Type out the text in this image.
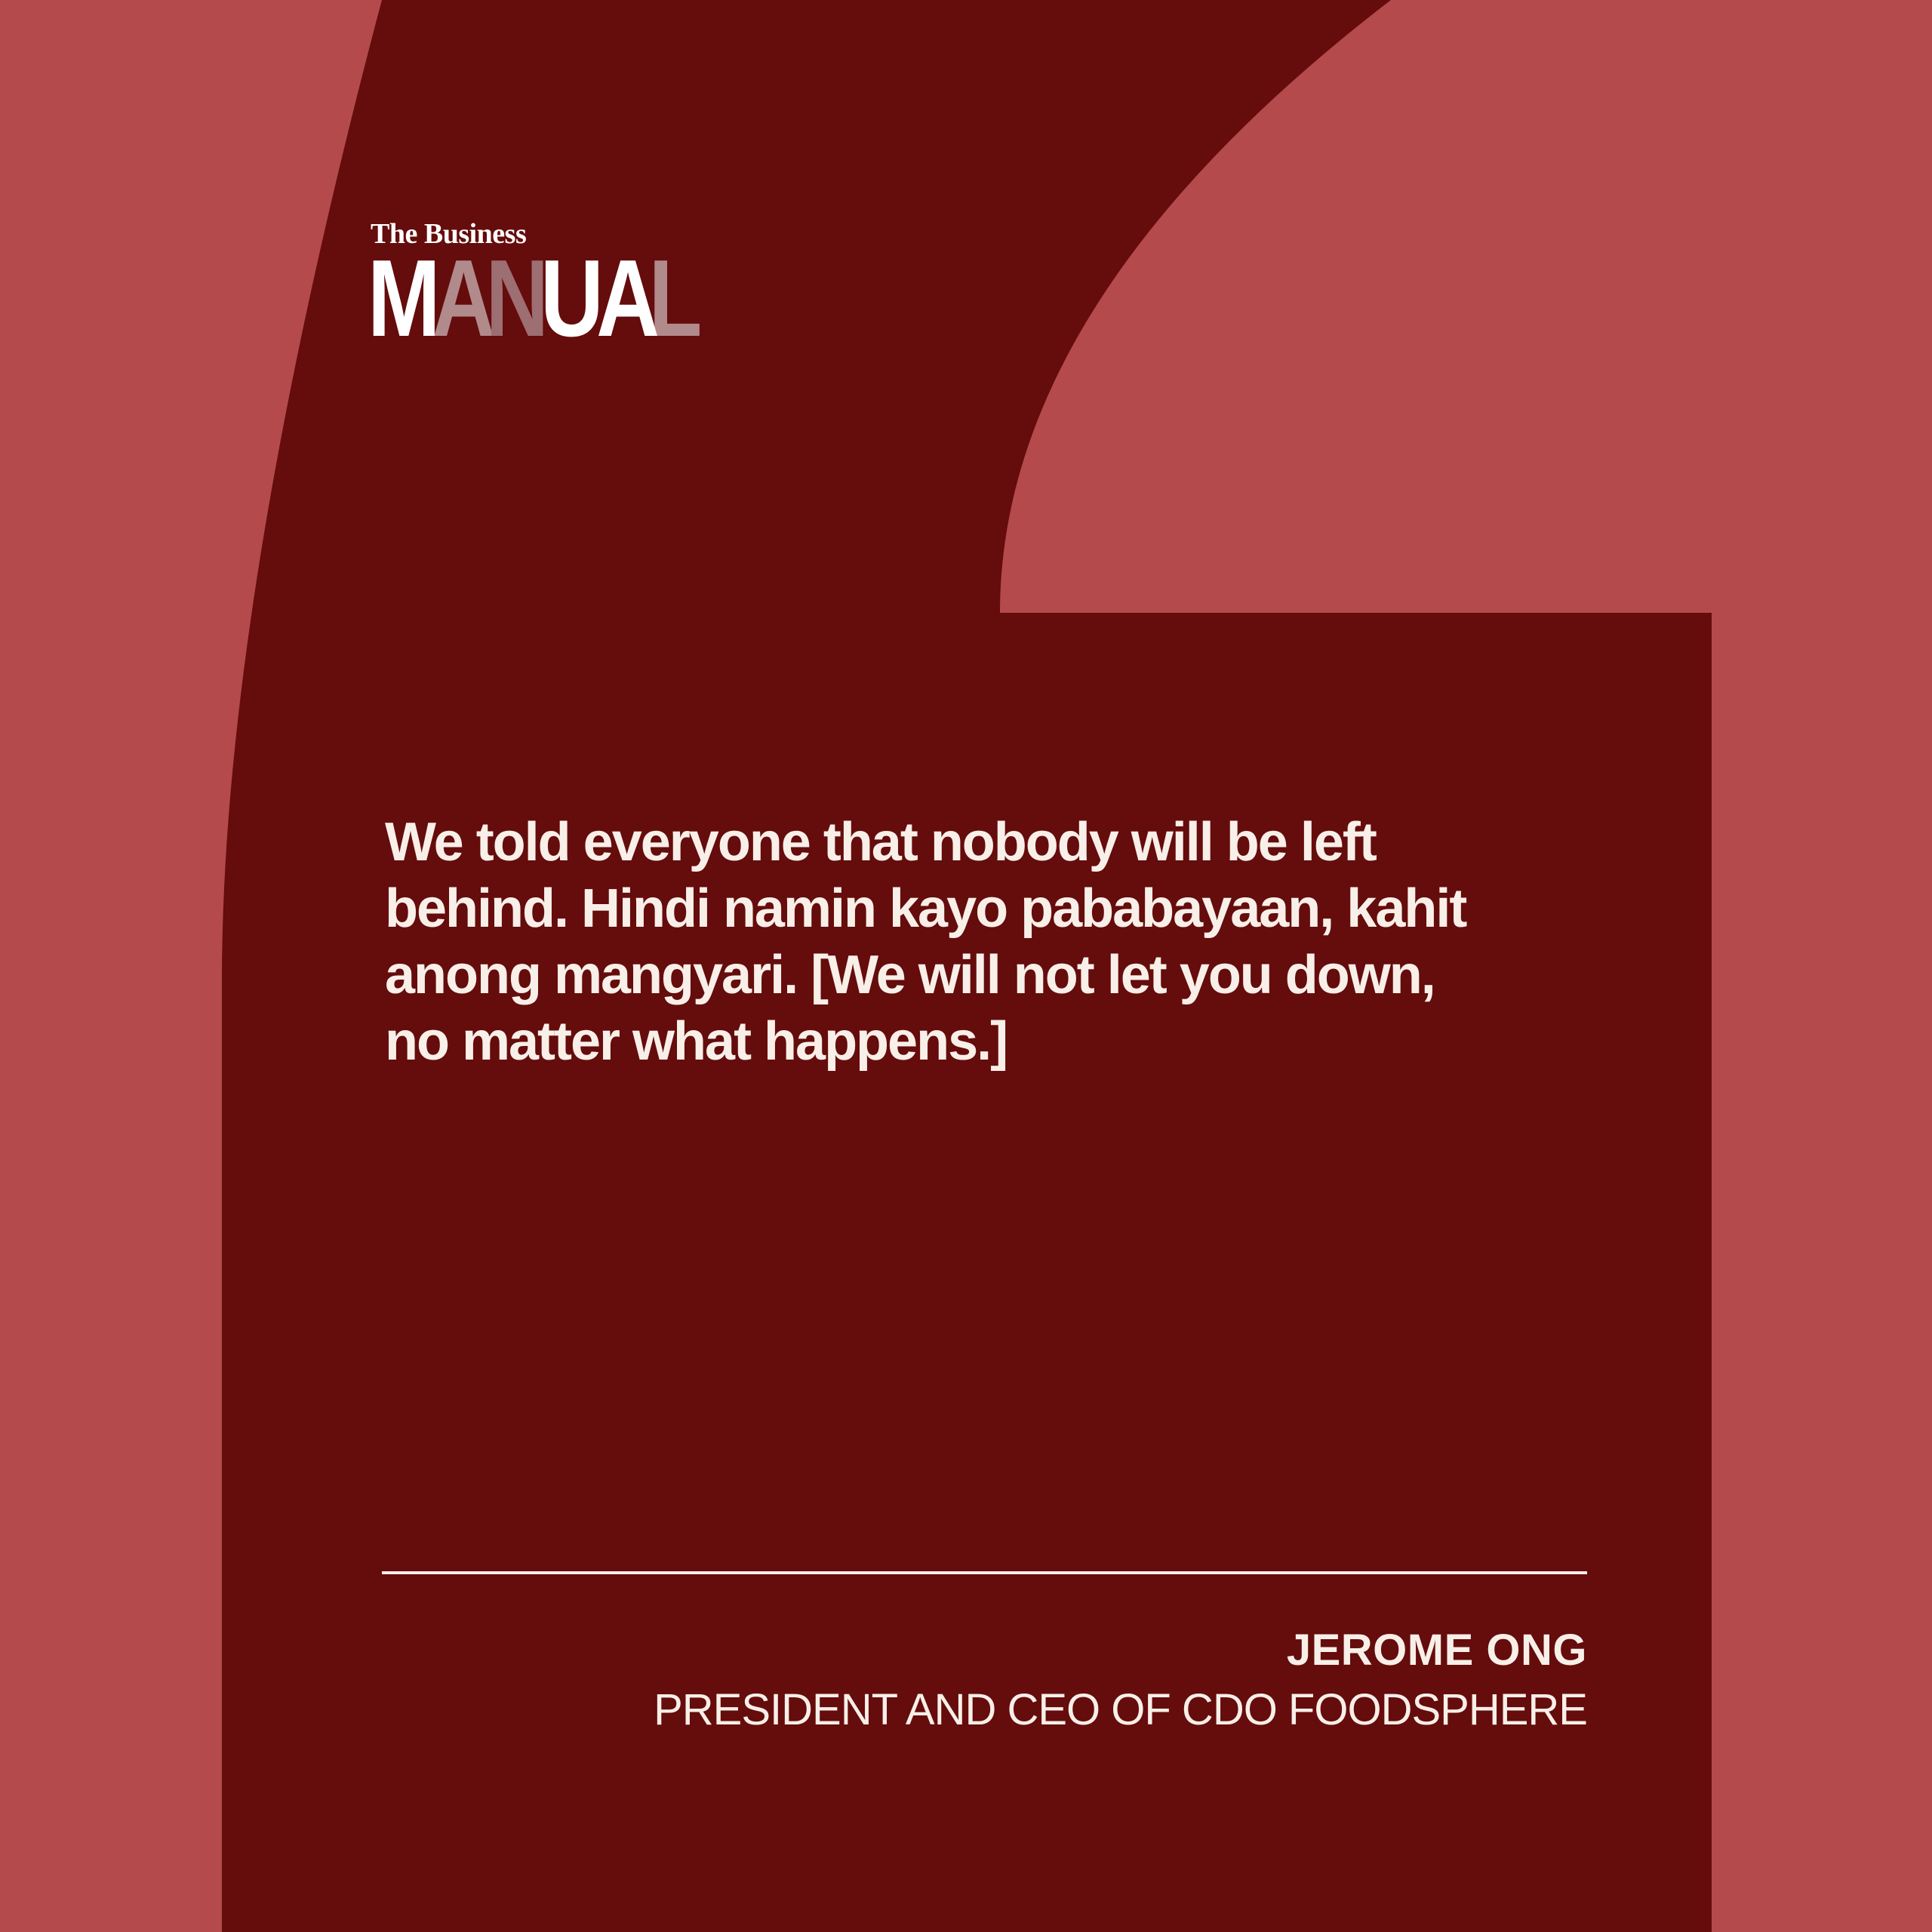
The Business
MANUAL
We told everyone that nobody will be left
behind. Hindi namin kayo pababayaan, kahit
anong mangyari. [We will not let you down,
no matter what happens.]
JEROME ONG
PRESIDENT AND CEO OF CDO FOODSPHERE
